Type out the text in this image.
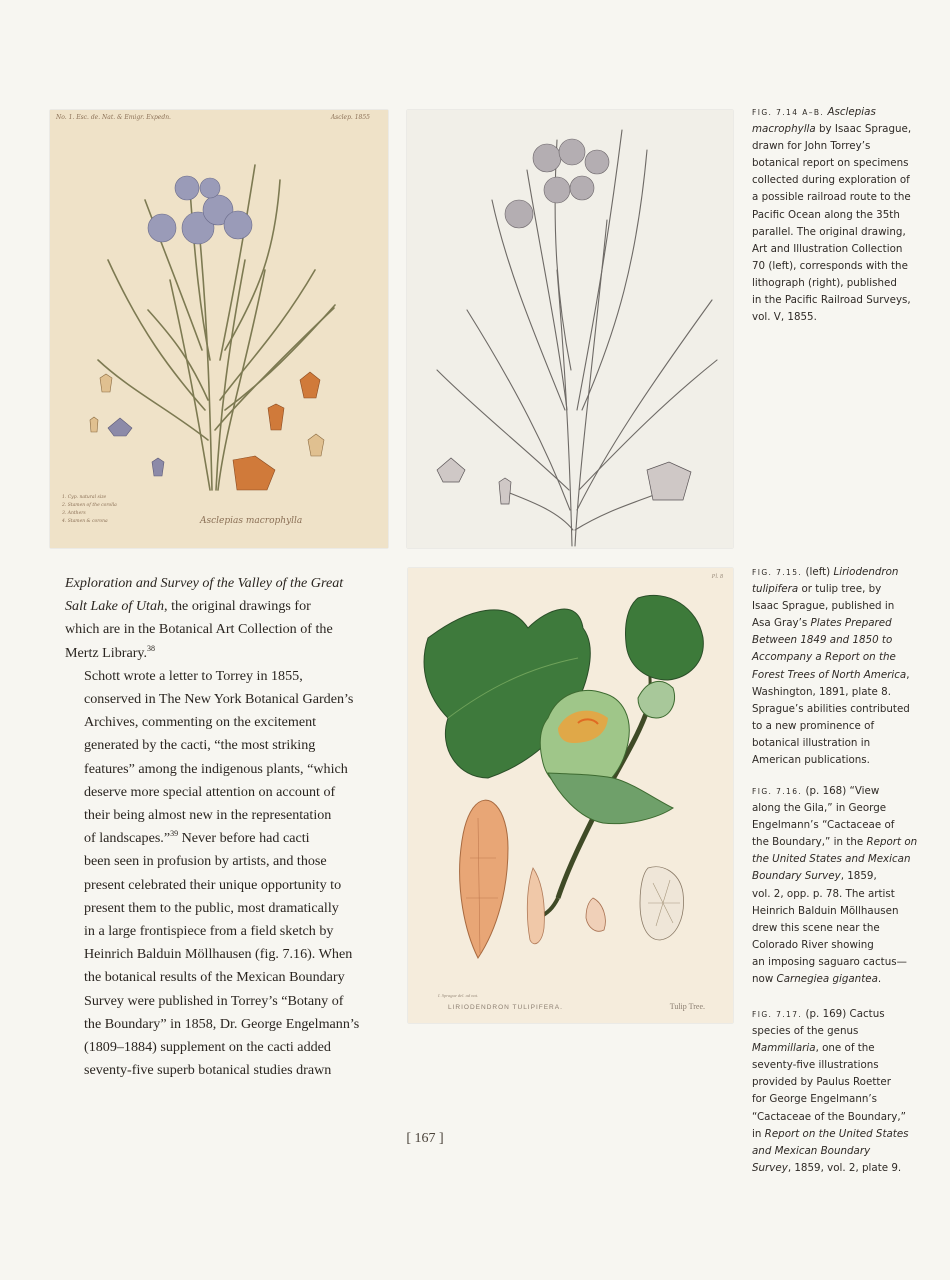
No. 1. Esc. de. Nat. & Emigr. Expedn.	Asclep. 1855
1. Cyp. natural size
2. Stamen of the corolla
3. Anthers
4. Stamen & corona	Asclepias macrophylla
Pl. 8
I. Sprague del. ad nat.
LIRIODENDRON TULIPIFERA.	Tulip Tree.

Exploration and Survey of the Valley of the Great
Salt Lake of Utah, the original drawings for
which are in the Botanical Art Collection of the
Mertz Library.$^{38}$

Schott wrote a letter to Torrey in 1855,
conserved in The New York Botanical Garden’s
Archives, commenting on the excitement
generated by the cacti, “the most striking
features” among the indigenous plants, “which
deserve more special attention on account of
their being almost new in the representation
of landscapes.”$^{39}$ Never before had cacti
been seen in profusion by artists, and those
present celebrated their unique opportunity to
present them to the public, most dramatically
in a large frontispiece from a field sketch by
Heinrich Balduin Möllhausen (fig. 7.16). When
the botanical results of the Mexican Boundary
Survey were published in Torrey’s “Botany of
the Boundary” in 1858, Dr. George Engelmann’s
(1809–1884) supplement on the cacti added
seventy-five superb botanical studies drawn

FIG. 7.14 A–B. Asclepias
macrophylla by Isaac Sprague,
drawn for John Torrey’s
botanical report on specimens
collected during exploration of
a possible railroad route to the
Pacific Ocean along the 35th
parallel. The original drawing,
Art and Illustration Collection
70 (left), corresponds with the
lithograph (right), published
in the Pacific Railroad Surveys,
vol. V, 1855.
FIG. 7.15. (left) Liriodendron
tulipifera or tulip tree, by
Isaac Sprague, published in
Asa Gray’s Plates Prepared
Between 1849 and 1850 to
Accompany a Report on the
Forest Trees of North America,
Washington, 1891, plate 8.
Sprague’s abilities contributed
to a new prominence of
botanical illustration in
American publications.
FIG. 7.16. (p. 168) “View
along the Gila,” in George
Engelmann’s “Cactaceae of
the Boundary,” in the Report on
the United States and Mexican
Boundary Survey, 1859,
vol. 2, opp. p. 78. The artist
Heinrich Balduin Möllhausen
drew this scene near the
Colorado River showing
an imposing saguaro cactus—
now Carnegiea gigantea.
FIG. 7.17. (p. 169) Cactus
species of the genus
Mammillaria, one of the
seventy-five illustrations
provided by Paulus Roetter
for George Engelmann’s
“Cactaceae of the Boundary,”
in Report on the United States
and Mexican Boundary
Survey, 1859, vol. 2, plate 9.
[ 167 ]
